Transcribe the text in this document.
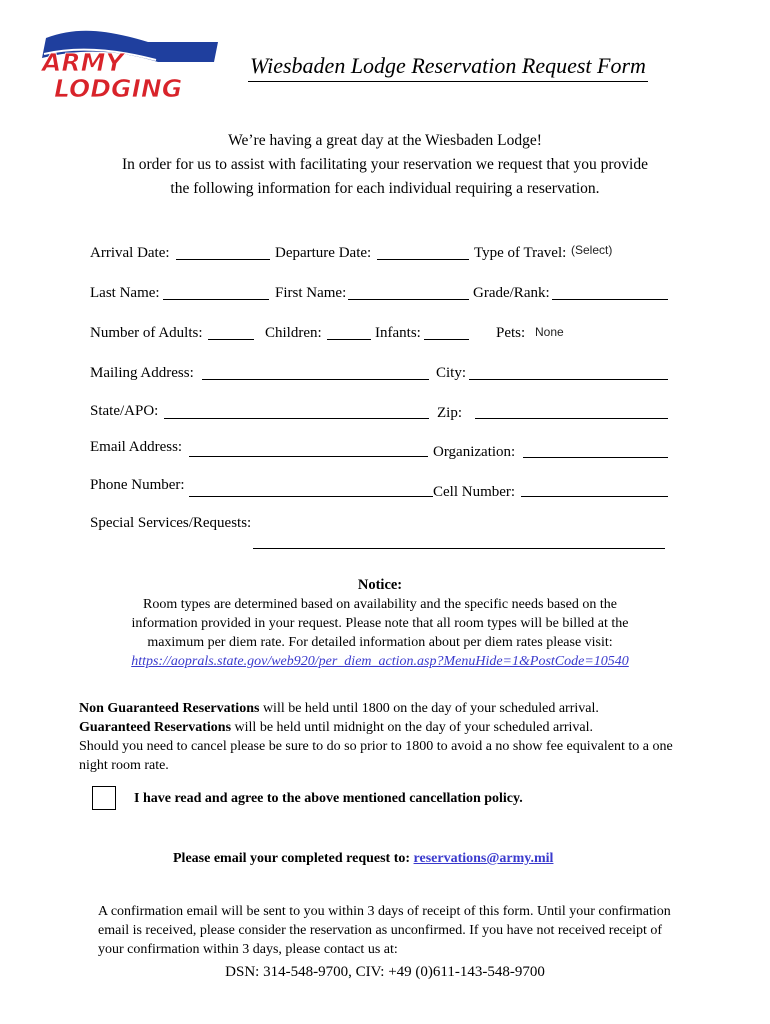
ARMY
LODGING
Wiesbaden Lodge Reservation Request Form
We’re having a great day at the Wiesbaden Lodge!
In order for us to assist with facilitating your reservation we request that you provide
the following information for each individual requiring a reservation.
Arrival Date:	Departure Date:	Type of Travel: (Select)
Last Name:	First Name:	Grade/Rank:
Number of Adults:	Children:	Infants:	Pets: None
Mailing Address:	City:
State/APO:	Zip:
Email Address:	Organization:
Phone Number:	Cell Number:
Special Services/Requests:
Notice:
Room types are determined based on availability and the specific needs based on the
information provided in your request. Please note that all room types will be billed at the
maximum per diem rate. For detailed information about per diem rates please visit:
https://aoprals.state.gov/web920/per_diem_action.asp?MenuHide=1&PostCode=10540
Non Guaranteed Reservations will be held until 1800 on the day of your scheduled arrival.
Guaranteed Reservations will be held until midnight on the day of your scheduled arrival.
Should you need to cancel please be sure to do so prior to 1800 to avoid a no show fee equivalent to a one night room rate.
I have read and agree to the above mentioned cancellation policy.
Please email your completed request to: reservations@army.mil
A confirmation email will be sent to you within 3 days of receipt of this form. Until your confirmation email is received, please consider the reservation as unconfirmed. If you have not received receipt of your confirmation within 3 days, please contact us at:
DSN: 314-548-9700, CIV: +49 (0)611-143-548-9700
